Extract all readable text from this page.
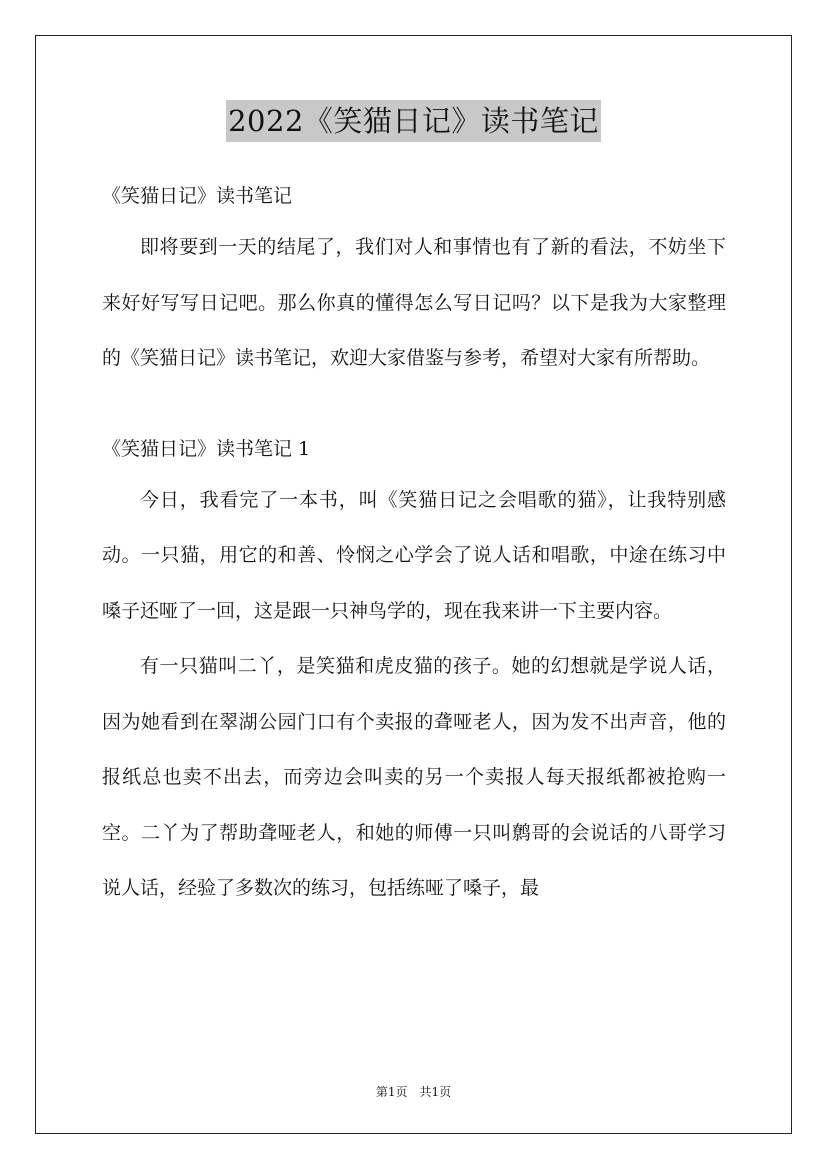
2022《笑猫日记》读书笔记

《笑猫日记》读书笔记

即将要到一天的结尾了，我们对人和事情也有了新的看法，不妨坐下来好好写写日记吧。那么你真的懂得怎么写日记吗？以下是我为大家整理的《笑猫日记》读书笔记，欢迎大家借鉴与参考，希望对大家有所帮助。

《笑猫日记》读书笔记 1

今日，我看完了一本书，叫《笑猫日记之会唱歌的猫》，让我特别感动。一只猫，用它的和善、怜悯之心学会了说人话和唱歌，中途在练习中嗓子还哑了一回，这是跟一只神鸟学的，现在我来讲一下主要内容。

有一只猫叫二丫，是笑猫和虎皮猫的孩子。她的幻想就是学说人话，因为她看到在翠湖公园门口有个卖报的聋哑老人，因为发不出声音，他的报纸总也卖不出去，而旁边会叫卖的另一个卖报人每天报纸都被抢购一空。二丫为了帮助聋哑老人，和她的师傅一只叫鹩哥的会说话的八哥学习说人话，经验了多数次的练习，包括练哑了嗓子，最

第1页　共1页
